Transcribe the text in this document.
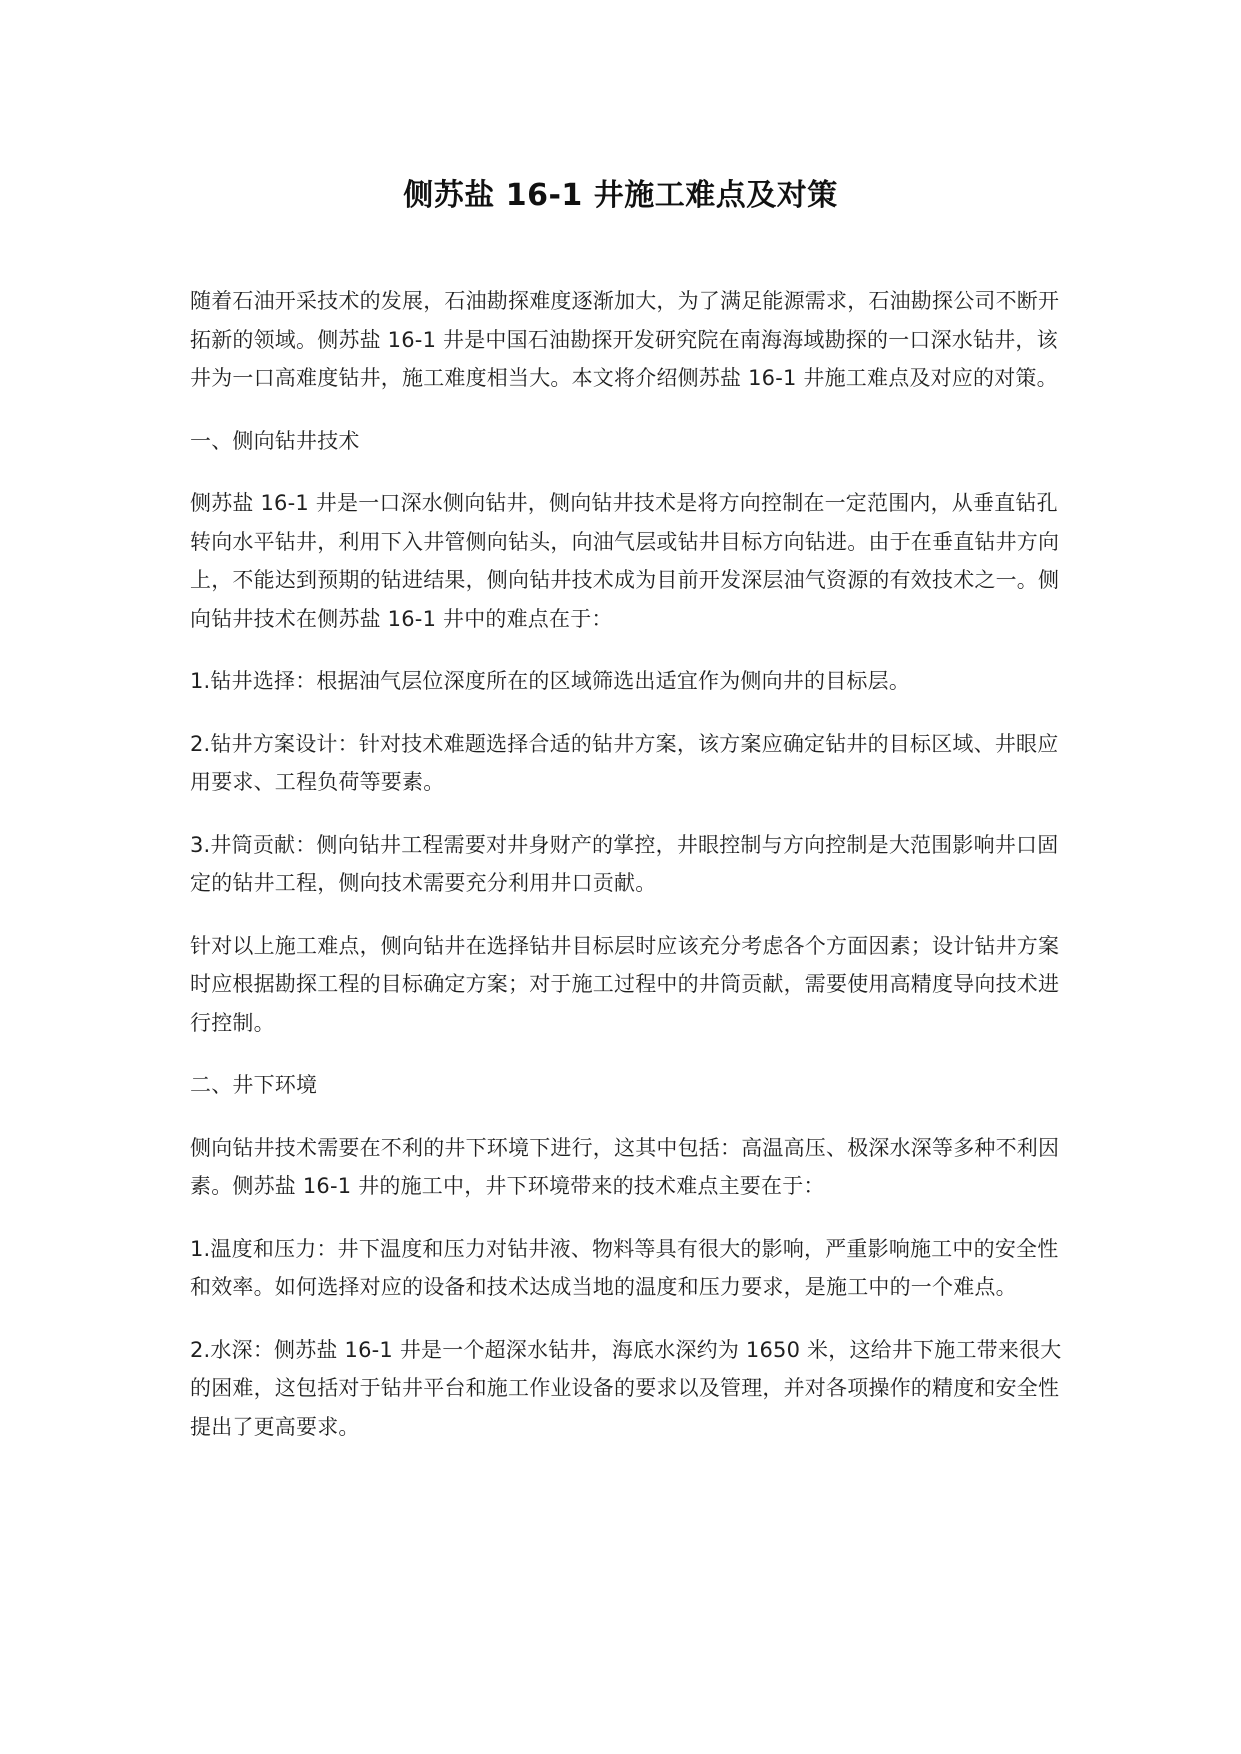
侧苏盐 16-1 井施工难点及对策

随着石油开采技术的发展，石油勘探难度逐渐加大，为了满足能源需求，石油勘探公司不断开拓新的领域。侧苏盐 16-1 井是中国石油勘探开发研究院在南海海域勘探的一口深水钻井，该井为一口高难度钻井，施工难度相当大。本文将介绍侧苏盐 16-1 井施工难点及对应的对策。

一、侧向钻井技术

侧苏盐 16-1 井是一口深水侧向钻井，侧向钻井技术是将方向控制在一定范围内，从垂直钻孔转向水平钻井，利用下入井管侧向钻头，向油气层或钻井目标方向钻进。由于在垂直钻井方向上，不能达到预期的钻进结果，侧向钻井技术成为目前开发深层油气资源的有效技术之一。侧向钻井技术在侧苏盐 16-1 井中的难点在于：

1.钻井选择：根据油气层位深度所在的区域筛选出适宜作为侧向井的目标层。

2.钻井方案设计：针对技术难题选择合适的钻井方案，该方案应确定钻井的目标区域、井眼应用要求、工程负荷等要素。

3.井筒贡献：侧向钻井工程需要对井身财产的掌控，井眼控制与方向控制是大范围影响井口固定的钻井工程，侧向技术需要充分利用井口贡献。

针对以上施工难点，侧向钻井在选择钻井目标层时应该充分考虑各个方面因素；设计钻井方案时应根据勘探工程的目标确定方案；对于施工过程中的井筒贡献，需要使用高精度导向技术进行控制。

二、井下环境

侧向钻井技术需要在不利的井下环境下进行，这其中包括：高温高压、极深水深等多种不利因素。侧苏盐 16-1 井的施工中，井下环境带来的技术难点主要在于：

1.温度和压力：井下温度和压力对钻井液、物料等具有很大的影响，严重影响施工中的安全性和效率。如何选择对应的设备和技术达成当地的温度和压力要求，是施工中的一个难点。

2.水深：侧苏盐 16-1 井是一个超深水钻井，海底水深约为 1650 米，这给井下施工带来很大的困难，这包括对于钻井平台和施工作业设备的要求以及管理，并对各项操作的精度和安全性提出了更高要求。
